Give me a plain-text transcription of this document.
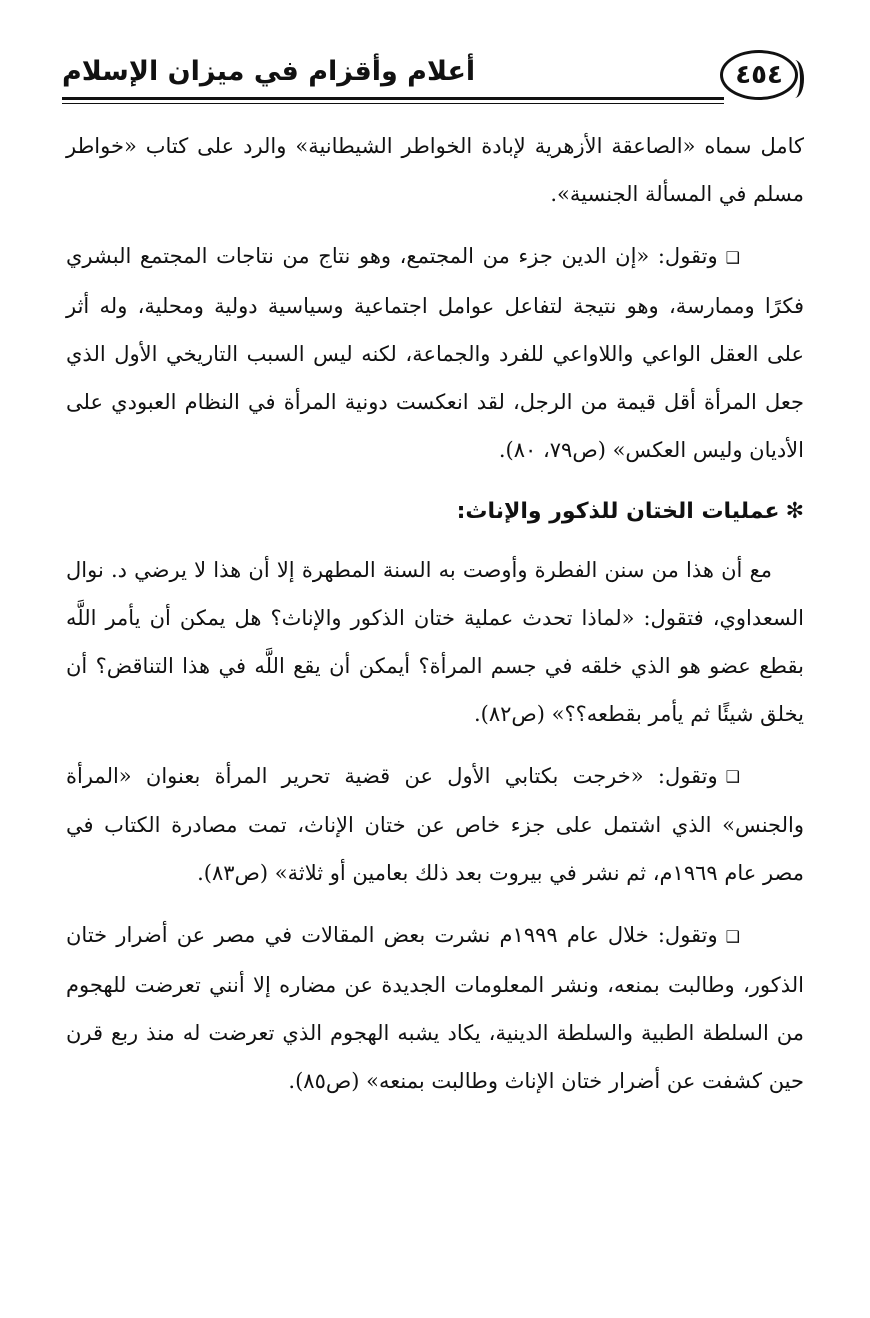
أعلام وأقزام في ميزان الإسلام	٤٥٤

كامل سماه «الصاعقة الأزهرية لإبادة الخواطر الشيطانية» والرد على كتاب «خواطر مسلم في المسألة الجنسية».

❑وتقول: «إن الدين جزء من المجتمع، وهو نتاج من نتاجات المجتمع البشري فكرًا وممارسة، وهو نتيجة لتفاعل عوامل اجتماعية وسياسية دولية ومحلية، وله أثر على العقل الواعي واللاواعي للفرد والجماعة، لكنه ليس السبب التاريخي الأول الذي جعل المرأة أقل قيمة من الرجل، لقد انعكست دونية المرأة في النظام العبودي على الأديان وليس العكس» (ص٧٩، ٨٠).

✻عمليات الختان للذكور والإناث:

مع أن هذا من سنن الفطرة وأوصت به السنة المطهرة إلا أن هذا لا يرضي د. نوال السعداوي، فتقول: «لماذا تحدث عملية ختان الذكور والإناث؟ هل يمكن أن يأمر اللَّه بقطع عضو هو الذي خلقه في جسم المرأة؟ أيمكن أن يقع اللَّه في هذا التناقض؟ أن يخلق شيئًا ثم يأمر بقطعه؟؟» (ص٨٢).

❑وتقول: «خرجت بكتابي الأول عن قضية تحرير المرأة بعنوان «المرأة والجنس» الذي اشتمل على جزء خاص عن ختان الإناث، تمت مصادرة الكتاب في مصر عام ١٩٦٩م، ثم نشر في بيروت بعد ذلك بعامين أو ثلاثة» (ص٨٣).

❑وتقول: خلال عام ١٩٩٩م نشرت بعض المقالات في مصر عن أضرار ختان الذكور، وطالبت بمنعه، ونشر المعلومات الجديدة عن مضاره إلا أنني تعرضت للهجوم من السلطة الطبية والسلطة الدينية، يكاد يشبه الهجوم الذي تعرضت له منذ ربع قرن حين كشفت عن أضرار ختان الإناث وطالبت بمنعه» (ص٨٥).
